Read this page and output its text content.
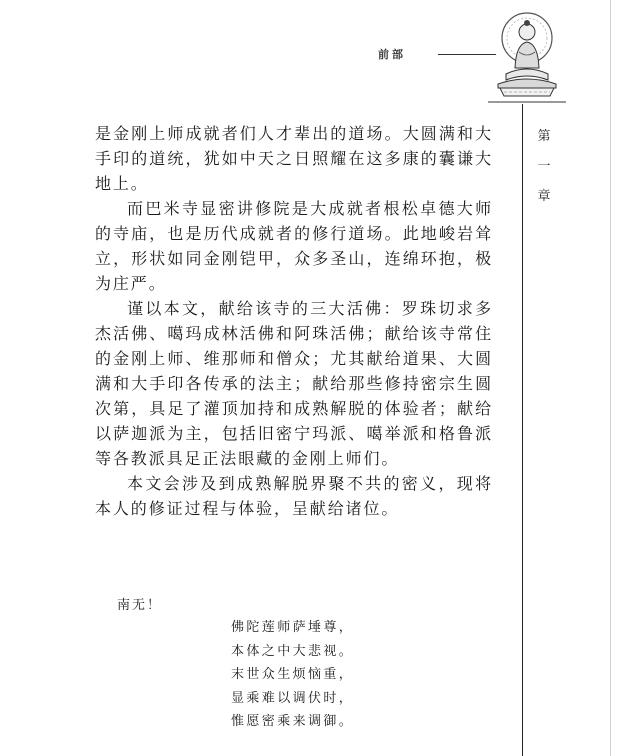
前部
第
一
章

是金刚上师成就者们人才辈出的道场。大圆满和大手印的道统，犹如中天之日照耀在这多康的囊谦大地上。

而巴米寺显密讲修院是大成就者根松卓德大师的寺庙，也是历代成就者的修行道场。此地峻岩耸立，形状如同金刚铠甲，众多圣山，连绵环抱，极为庄严。

谨以本文，献给该寺的三大活佛：罗珠切求多杰活佛、噶玛成林活佛和阿珠活佛；献给该寺常住的金刚上师、维那师和僧众；尤其献给道果、大圆满和大手印各传承的法主；献给那些修持密宗生圆次第，具足了灌顶加持和成熟解脱的体验者；献给以萨迦派为主，包括旧密宁玛派、噶举派和格鲁派等各教派具足正法眼藏的金刚上师们。

本文会涉及到成熟解脱界聚不共的密义，现将本人的修证过程与体验，呈献给诸位。

南无！
佛陀莲师萨埵尊，
本体之中大悲视。
末世众生烦恼重，
显乘难以调伏时，
惟愿密乘来调御。
